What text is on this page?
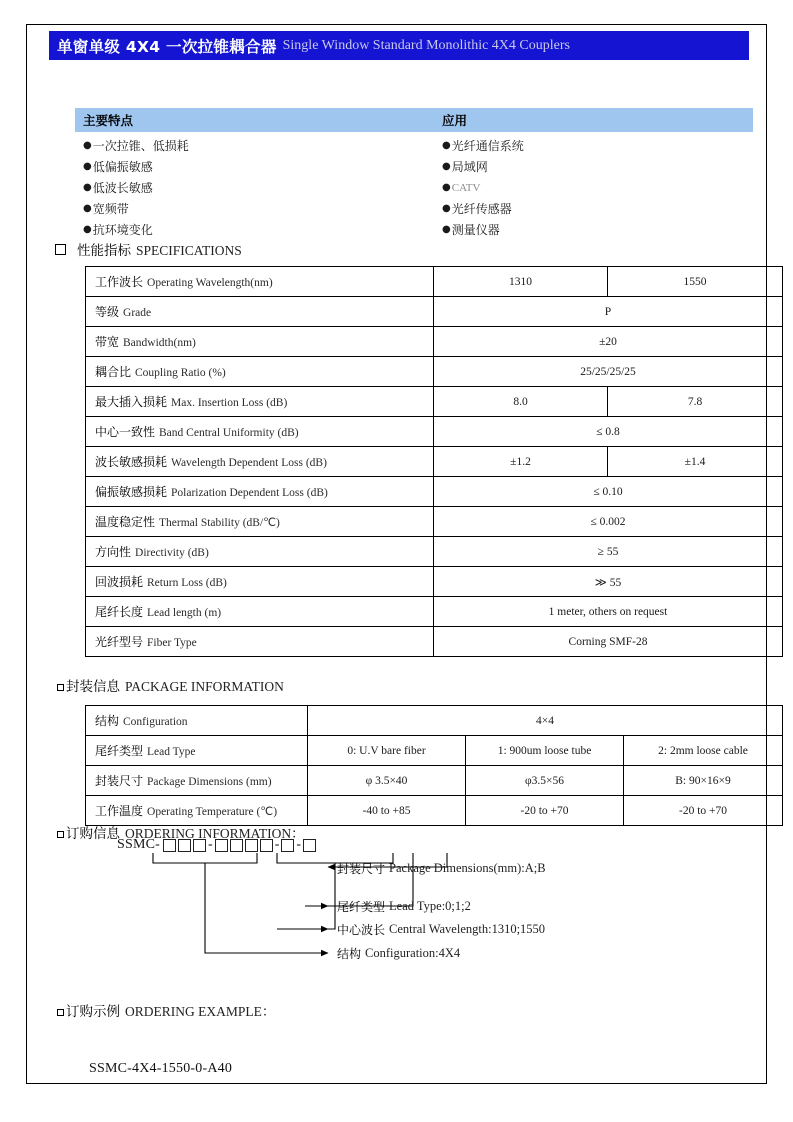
单窗单级 4X4 一次拉锥耦合器 Single Window Standard Monolithic 4X4 Couplers
主要特点	应用
● 一次拉锥、低损耗	● 光纤通信系统
● 低偏振敏感	● 局域网
● 低波长敏感	● CATV
● 宽频带	● 光纤传感器
● 抗环境变化	● 测量仪器
性能指标 SPECIFICATIONS
工作波长 Operating Wavelength(nm)	1310	1550
等级 Grade	P	
带宽 Bandwidth(nm)	±20	
耦合比 Coupling Ratio (%)	25/25/25/25	
最大插入损耗 Max. Insertion Loss (dB)	8.0	7.8
中心一致性 Band Central Uniformity (dB)	≤ 0.8	
波长敏感损耗 Wavelength Dependent Loss (dB)	±1.2	±1.4
偏振敏感损耗 Polarization Dependent Loss (dB)	≤ 0.10	
温度稳定性 Thermal Stability (dB/℃)	≤ 0.002	
方向性 Directivity (dB)	≥ 55	
回波损耗 Return Loss (dB)	≫ 55	
尾纤长度 Lead length (m)	1 meter, others on request	
光纤型号 Fiber Type	Corning SMF-28	
封装信息 PACKAGE INFORMATION
结构 Configuration	4×4		
尾纤类型 Lead Type	0: U.V bare fiber	1: 900um loose tube	2: 2mm loose cable
封装尺寸 Package Dimensions (mm)	φ 3.5×40	φ3.5×56	B: 90×16×9
工作温度 Operating Temperature (℃)	-40 to +85	-20 to +70	-20 to +70
订购信息 ORDERING INFORMATION：
SSMC-	-	- -
封装尺寸 Package Dimensions(mm):A;B
尾纤类型 Lead Type:0;1;2
中心波长 Central Wavelength:1310;1550
结构 Configuration:4X4
订购示例 ORDERING EXAMPLE：
SSMC-4X4-1550-0-A40
